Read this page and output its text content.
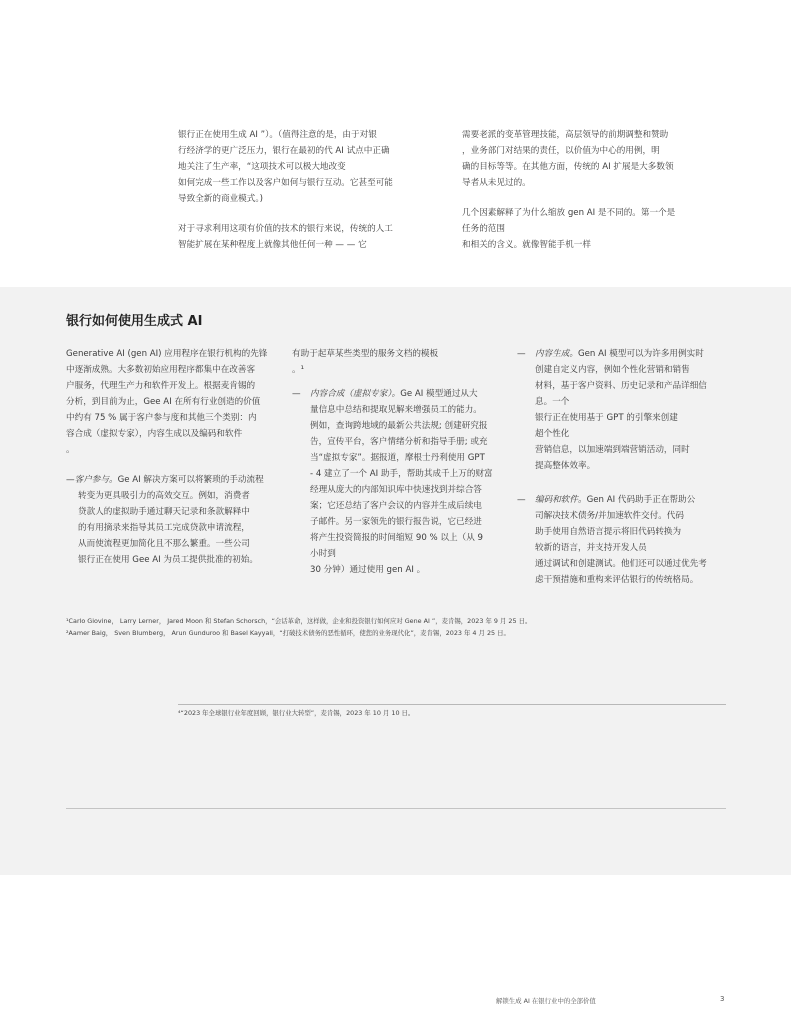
银行正在使用生成 AI ”）。（值得注意的是，由于对银
行经济学的更广泛压力，银行在最初的代 AI 试点中正确
地关注了生产率，“这项技术可以极大地改变
如何完成一些工作以及客户如何与银行互动。它甚至可能
导致全新的商业模式。)

对于寻求利用这项有价值的技术的银行来说，传统的人工
智能扩展在某种程度上就像其他任何一种 — — 它

需要老派的变革管理技能，高层领导的前期调整和赞助
，业务部门对结果的责任，以价值为中心的用例，明
确的目标等等。在其他方面，传统的 AI 扩展是大多数领
导者从未见过的。

几个因素解释了为什么缩放 gen AI 是不同的。第一个是
任务的范围
和相关的含义。就像智能手机一样

银行如何使用生成式 AI

Generative AI (gen AI) 应用程序在银行机构的先锋
中逐渐成熟。大多数初始应用程序都集中在改善客
户服务，代理生产力和软件开发上。根据麦肯锡的
分析，到目前为止，Gee AI 在所有行业创造的价值
中约有 75 % 属于客户参与度和其他三个类别：内
容合成（虚拟专家），内容生成以及编码和软件
。

—客户参与。Ge AI 解决方案可以将繁琐的手动流程
转变为更具吸引力的高效交互。例如，消费者
贷款人的虚拟助手通过聊天记录和条款解释中
的有用摘录来指导其员工完成贷款申请流程，
从而使流程更加简化且不那么繁重。一些公司
银行正在使用 Gee AI 为员工提供批准的初始。

有助于起草某些类型的服务文档的模板
。¹

—	内容合成（虚拟专家）。Ge AI 模型通过从大
量信息中总结和提取见解来增强员工的能力。
例如，查询跨地域的最新公共法规; 创建研究报
告，宣传平台，客户情绪分析和指导手册; 或充
当“虚拟专家”。据报道，摩根士丹利使用 GPT
- 4 建立了一个 AI 助手，帮助其成千上万的财富
经理从庞大的内部知识库中快速找到并综合答
案；它还总结了客户会议的内容并生成后续电
子邮件。另一家领先的银行报告说，它已经进
将产生投资简报的时间缩短 90 % 以上（从 9
小时到
30 分钟）通过使用 gen AI 。
—	内容生成。Gen AI 模型可以为许多用例实时
创建自定义内容，例如个性化营销和销售
材料，基于客户资料、历史记录和产品详细信
息。一个
银行正在使用基于 GPT 的引擎来创建
超个性化
营销信息，以加速端到端营销活动，同时
提高整体效率。
—	编码和软件。Gen AI 代码助手正在帮助公
司解决技术债务/并加速软件交付。代码
助手使用自然语言提示将旧代码转换为
较新的语言，并支持开发人员
通过调试和创建测试。他们还可以通过优先考
虑干预措施和重构来评估银行的传统格局。
¹Carlo Giovine， Larry Lerner， Jared Moon 和 Stefan Schorsch，“会话革命，这样做，企业和投资银行如何应对 Gene AI ”，麦肯锡，2023 年 9 月 25 日。
²Aamer Baig， Sven Blumberg， Arun Gunduroo 和 Basel Kayyali，“打破技术债务的恶性循环，使您的业务现代化”，麦肯锡，2023 年 4 月 25 日。
⁴“2023 年全球银行业年度回顾，银行业大转型”，麦肯锡，2023 年 10 月 10 日。
解锁生成 AI 在银行业中的全部价值	3
